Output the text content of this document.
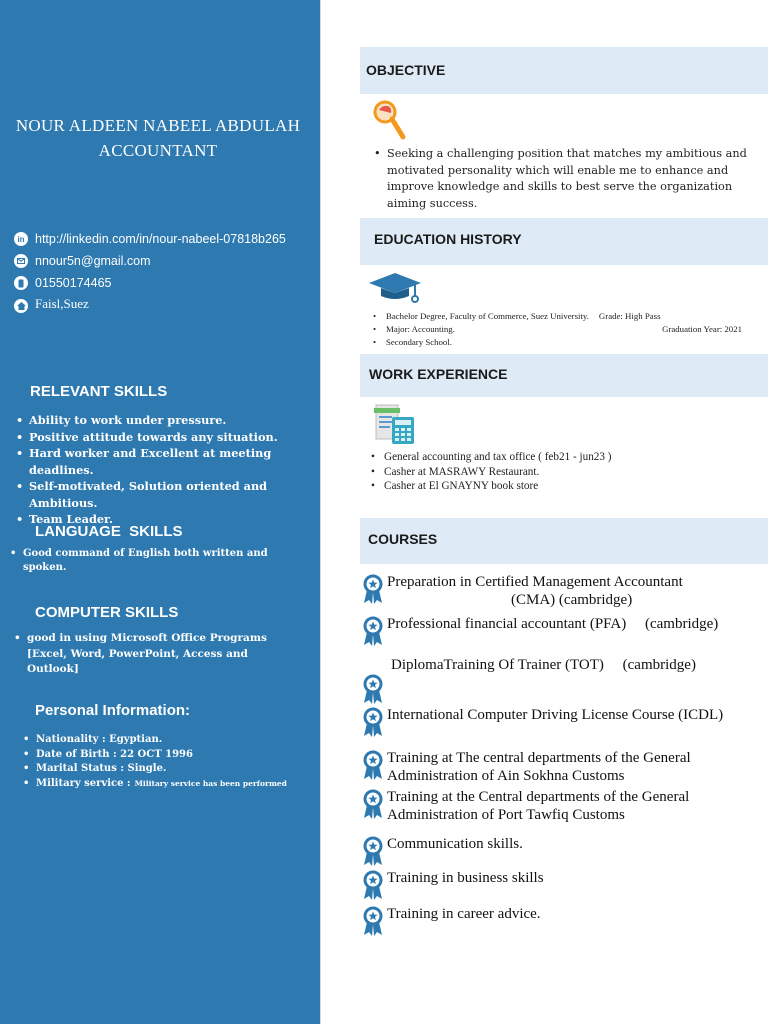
NOUR ALDEEN NABEEL ABDULAH
ACCOUNTANT
in http://linkedin.com/in/nour-nabeel-07818b265
nnour5n@gmail.com
01550174465
Faisl,Suez
RELEVANT SKILLS
• Ability to work under pressure.
• Positive attitude towards any situation.
• Hard worker and Excellent at meeting deadlines.
• Self-motivated, Solution oriented and Ambitious.
• Team Leader.
LANGUAGE  SKILLS
• Good command of English both written and spoken.
COMPUTER SKILLS
• good in using Microsoft Office Programs [Excel, Word, PowerPoint, Access and Outlook]
Personal Information:
• Nationality : Egyptian.
• Date of Birth : 22 OCT 1996
• Marital Status : Single.
• Military service : Military service has been performed
OBJECTIVE
• Seeking a challenging position that matches my ambitious and motivated personality which will enable me to enhance and improve knowledge and skills to best serve the organization aiming success.
EDUCATION HISTORY
• Bachelor Degree, Faculty of Commerce, Suez University. Grade: High Pass
• Major: Accounting.	Graduation Year: 2021
• Secondary School.
WORK EXPERIENCE
• General accounting and tax office ( feb21 - jun23 )
• Casher at MASRAWY Restaurant.
• Casher at El GNAYNY book store
COURSES
Preparation in Certified Management Accountant
(CMA) (cambridge)
Professional financial accountant (PFA)     (cambridge)
DiplomaTraining Of Trainer (TOT)     (cambridge)
International Computer Driving License Course (ICDL)
Training at The central departments of the General
Administration of Ain Sokhna Customs
Training at the Central departments of the General
Administration of Port Tawfiq Customs
Communication skills.
Training in business skills
Training in career advice.
